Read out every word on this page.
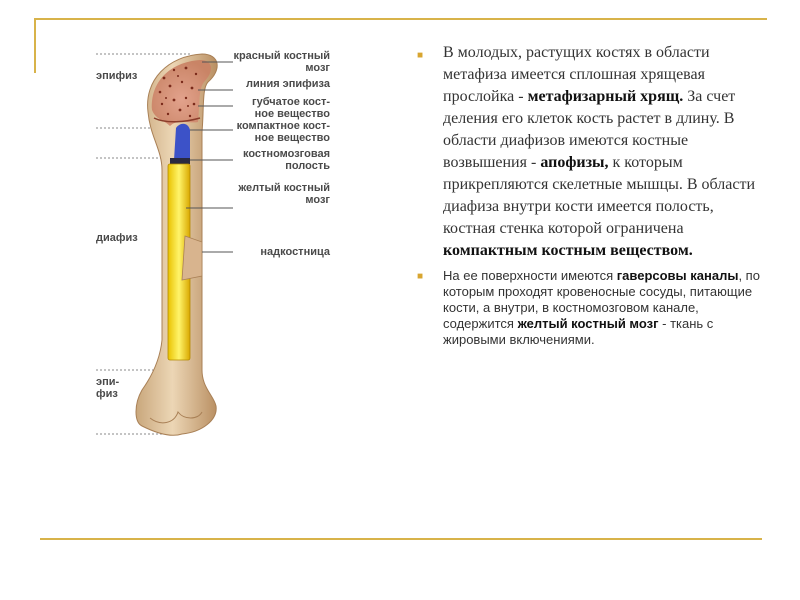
красный костный
мозг
эпифиз
линия эпифиза
губчатое кост-
ное вещество
компактное кост-
ное вещество
костномозговая
полость
желтый костный
мозг
диафиз
надкостница
эпи-
физ
■ В молодых, растущих костях в области метафиза имеется сплошная хрящевая прослойка - метафизарный хрящ. За счет деления его клеток кость растет в длину. В области диафизов имеются костные возвышения - апофизы, к которым прикрепляются скелетные мышцы. В области диафиза внутри кости имеется полость, костная стенка которой ограничена компактным костным веществом.
■ На ее поверхности имеются гаверсовы каналы, по которым проходят кровеносные сосуды, питающие кости, а внутри, в костномозговом канале, содержится желтый костный мозг - ткань с жировыми включениями.
